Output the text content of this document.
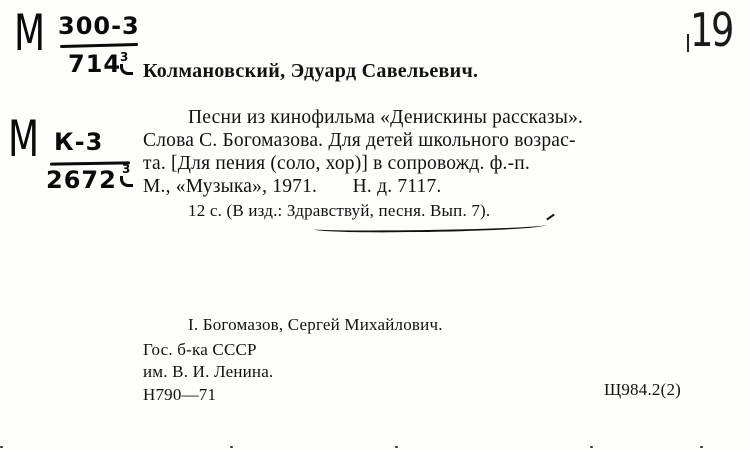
М 300-3
714
3
М К-3
2672 3
19
Колмановский, Эдуард Савельевич.
Песни из кинофильма «Денискины рассказы».
Слова С. Богомазова. Для детей школьного возрас-
та. [Для пения (соло, хор)] в сопровожд. ф.-п.
М., «Музыка», 1971.       Н. д. 7117.
12 с. (В изд.: Здравствуй, песня. Вып. 7).
I. Богомазов, Сергей Михайлович.
Гос. б-ка СССР
им. В. И. Ленина.
Н790—71	Щ984.2(2)
